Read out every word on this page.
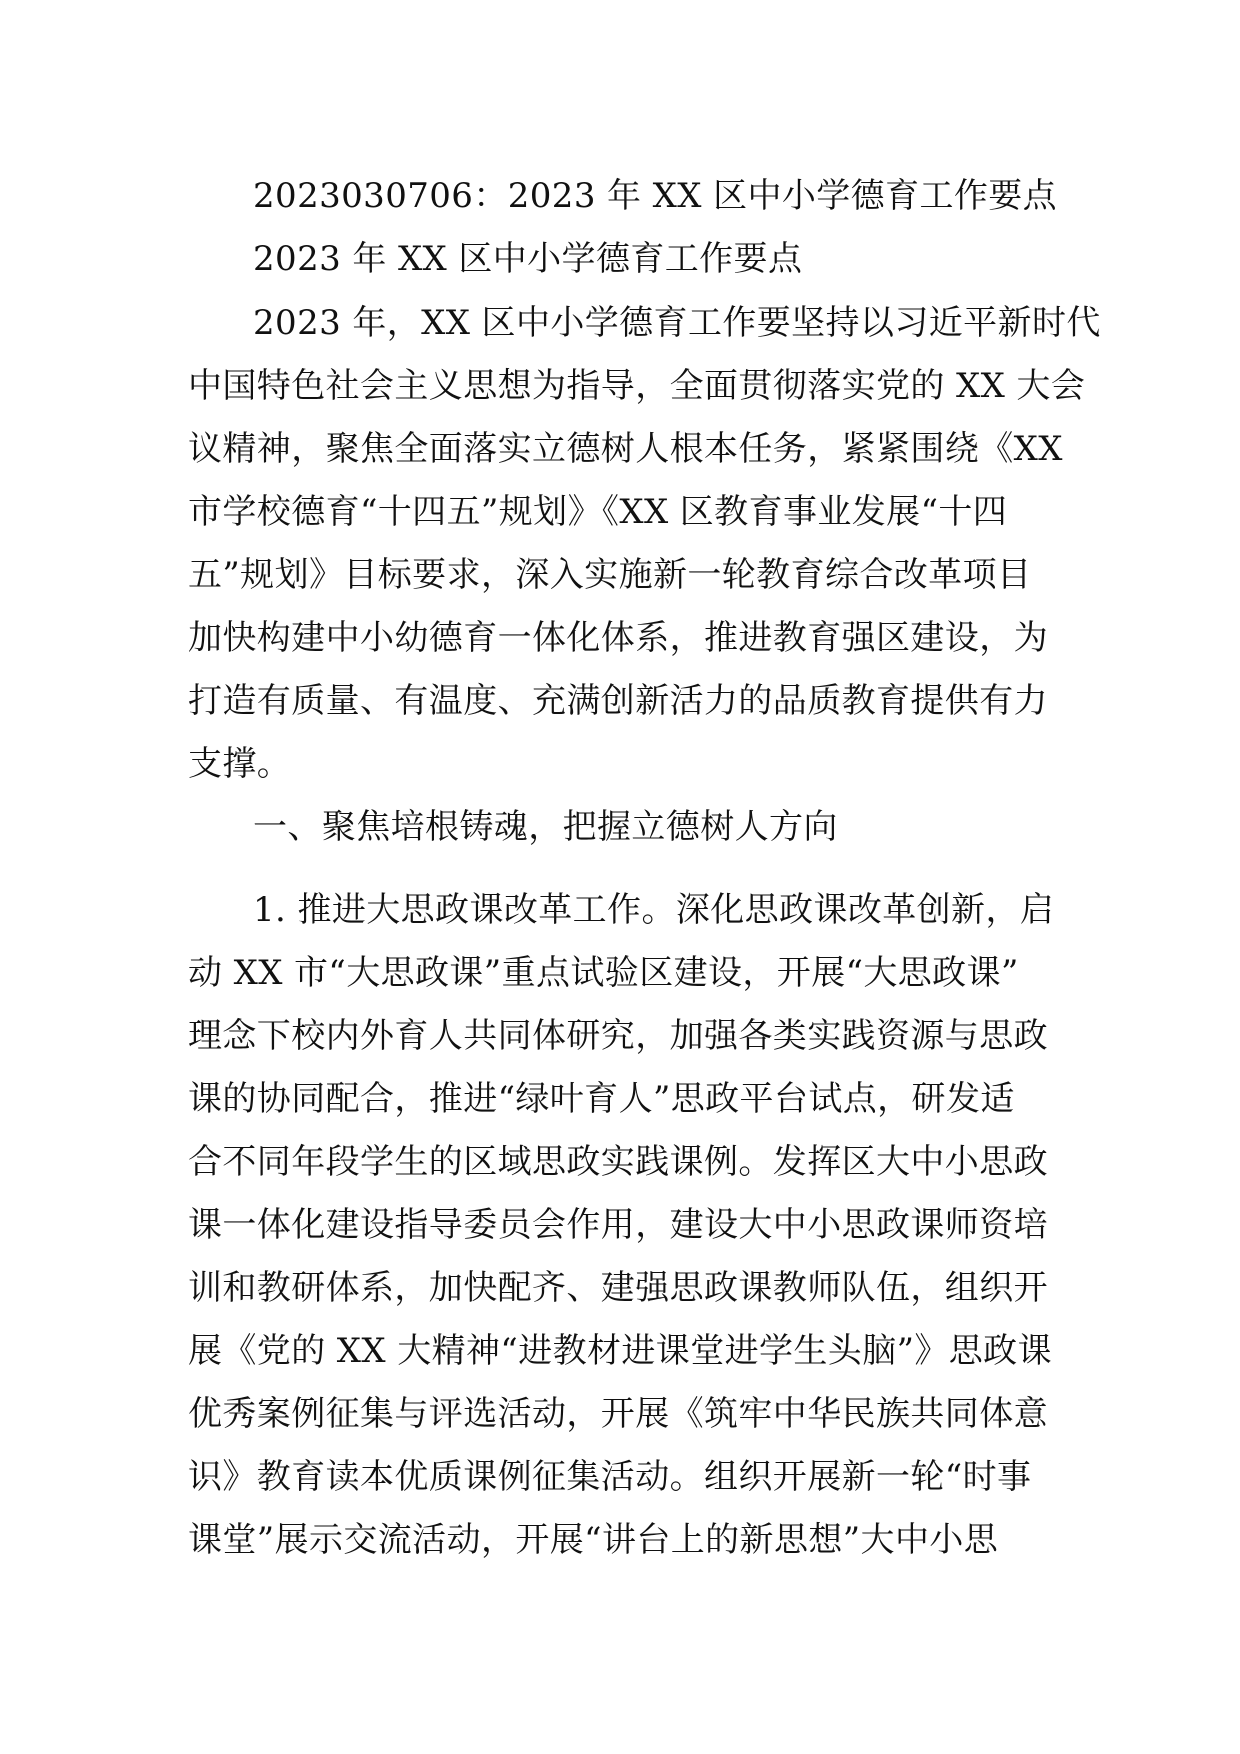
2023030706：2023 年 XX 区中小学德育工作要点
2023 年 XX 区中小学德育工作要点
2023 年，XX 区中小学德育工作要坚持以习近平新时代
中国特色社会主义思想为指导，全面贯彻落实党的 XX 大会
议精神，聚焦全面落实立德树人根本任务，紧紧围绕《XX
市学校德育“十四五”规划》《XX 区教育事业发展“十四
五”规划》目标要求，深入实施新一轮教育综合改革项目
加快构建中小幼德育一体化体系，推进教育强区建设，为
打造有质量、有温度、充满创新活力的品质教育提供有力
支撑。
一、聚焦培根铸魂，把握立德树人方向
1. 推进大思政课改革工作。深化思政课改革创新，启
动 XX 市“大思政课”重点试验区建设，开展“大思政课”
理念下校内外育人共同体研究，加强各类实践资源与思政
课的协同配合，推进“绿叶育人”思政平台试点，研发适
合不同年段学生的区域思政实践课例。发挥区大中小思政
课一体化建设指导委员会作用，建设大中小思政课师资培
训和教研体系，加快配齐、建强思政课教师队伍，组织开
展《党的 XX 大精神“进教材进课堂进学生头脑”》思政课
优秀案例征集与评选活动，开展《筑牢中华民族共同体意
识》教育读本优质课例征集活动。组织开展新一轮“时事
课堂”展示交流活动，开展“讲台上的新思想”大中小思
